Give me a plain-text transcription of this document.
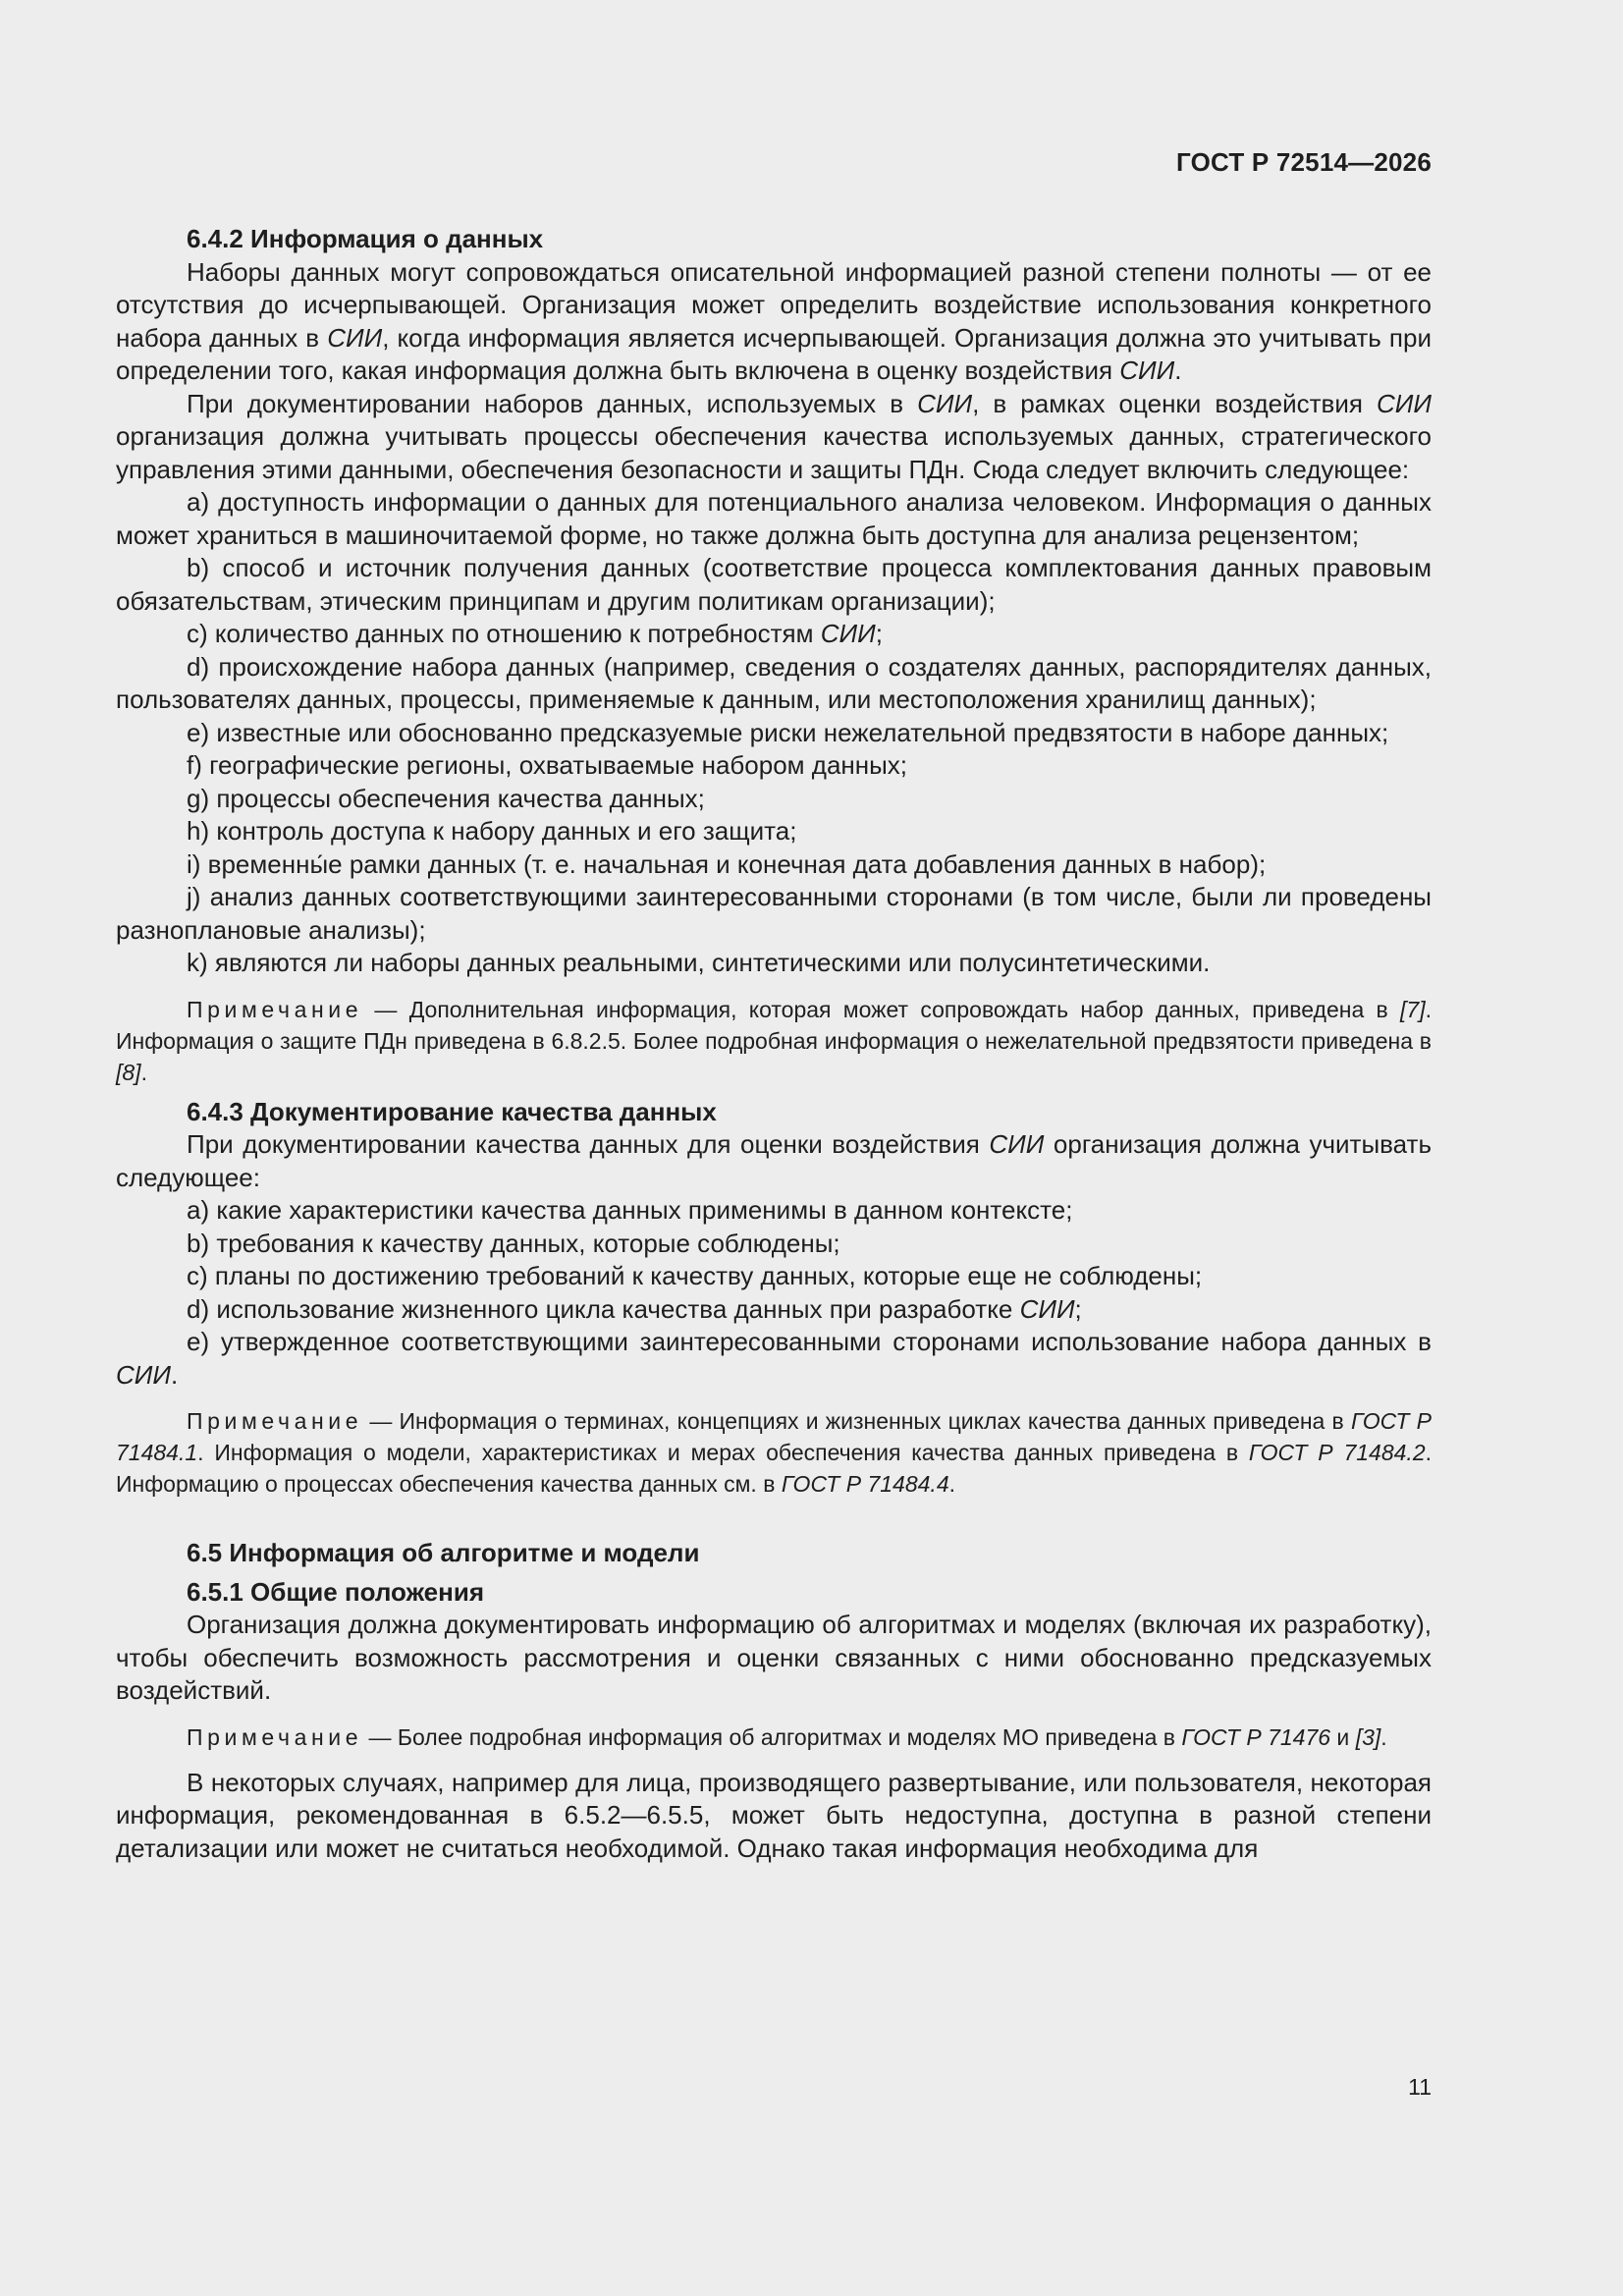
ГОСТ Р 72514—2026

6.4.2 Информация о данных

Наборы данных могут сопровождаться описательной информацией разной степени полноты — от ее отсутствия до исчерпывающей. Организация может определить воздействие использования конкретного набора данных в СИИ, когда информация является исчерпывающей. Организация должна это учитывать при определении того, какая информация должна быть включена в оценку воздействия СИИ.

При документировании наборов данных, используемых в СИИ, в рамках оценки воздействия СИИ организация должна учитывать процессы обеспечения качества используемых данных, стратегического управления этими данными, обеспечения безопасности и защиты ПДн. Сюда следует включить следующее:

a) доступность информации о данных для потенциального анализа человеком. Информация о данных может храниться в машиночитаемой форме, но также должна быть доступна для анализа рецензентом;

b) способ и источник получения данных (соответствие процесса комплектования данных правовым обязательствам, этическим принципам и другим политикам организации);

c) количество данных по отношению к потребностям СИИ;

d) происхождение набора данных (например, сведения о создателях данных, распорядителях данных, пользователях данных, процессы, применяемые к данным, или местоположения хранилищ данных);

e) известные или обоснованно предсказуемые риски нежелательной предвзятости в наборе данных;

f) географические регионы, охватываемые набором данных;

g) процессы обеспечения качества данных;

h) контроль доступа к набору данных и его защита;

i) временны́е рамки данных (т. е. начальная и конечная дата добавления данных в набор);

j) анализ данных соответствующими заинтересованными сторонами (в том числе, были ли проведены разноплановые анализы);

k) являются ли наборы данных реальными, синтетическими или полусинтетическими.

Примечание — Дополнительная информация, которая может сопровождать набор данных, приведена в [7]. Информация о защите ПДн приведена в 6.8.2.5. Более подробная информация о нежелательной предвзятости приведена в [8].

6.4.3 Документирование качества данных

При документировании качества данных для оценки воздействия СИИ организация должна учитывать следующее:

a) какие характеристики качества данных применимы в данном контексте;

b) требования к качеству данных, которые соблюдены;

c) планы по достижению требований к качеству данных, которые еще не соблюдены;

d) использование жизненного цикла качества данных при разработке СИИ;

e) утвержденное соответствующими заинтересованными сторонами использование набора данных в СИИ.

Примечание — Информация о терминах, концепциях и жизненных циклах качества данных приведена в ГОСТ Р 71484.1. Информация о модели, характеристиках и мерах обеспечения качества данных приведена в ГОСТ Р 71484.2. Информацию о процессах обеспечения качества данных см. в ГОСТ Р 71484.4.

6.5 Информация об алгоритме и модели

6.5.1 Общие положения

Организация должна документировать информацию об алгоритмах и моделях (включая их разработку), чтобы обеспечить возможность рассмотрения и оценки связанных с ними обоснованно предсказуемых воздействий.

Примечание — Более подробная информация об алгоритмах и моделях МО приведена в ГОСТ Р 71476 и [3].

В некоторых случаях, например для лица, производящего развертывание, или пользователя, некоторая информация, рекомендованная в 6.5.2—6.5.5, может быть недоступна, доступна в разной степени детализации или может не считаться необходимой. Однако такая информация необходима для

11
